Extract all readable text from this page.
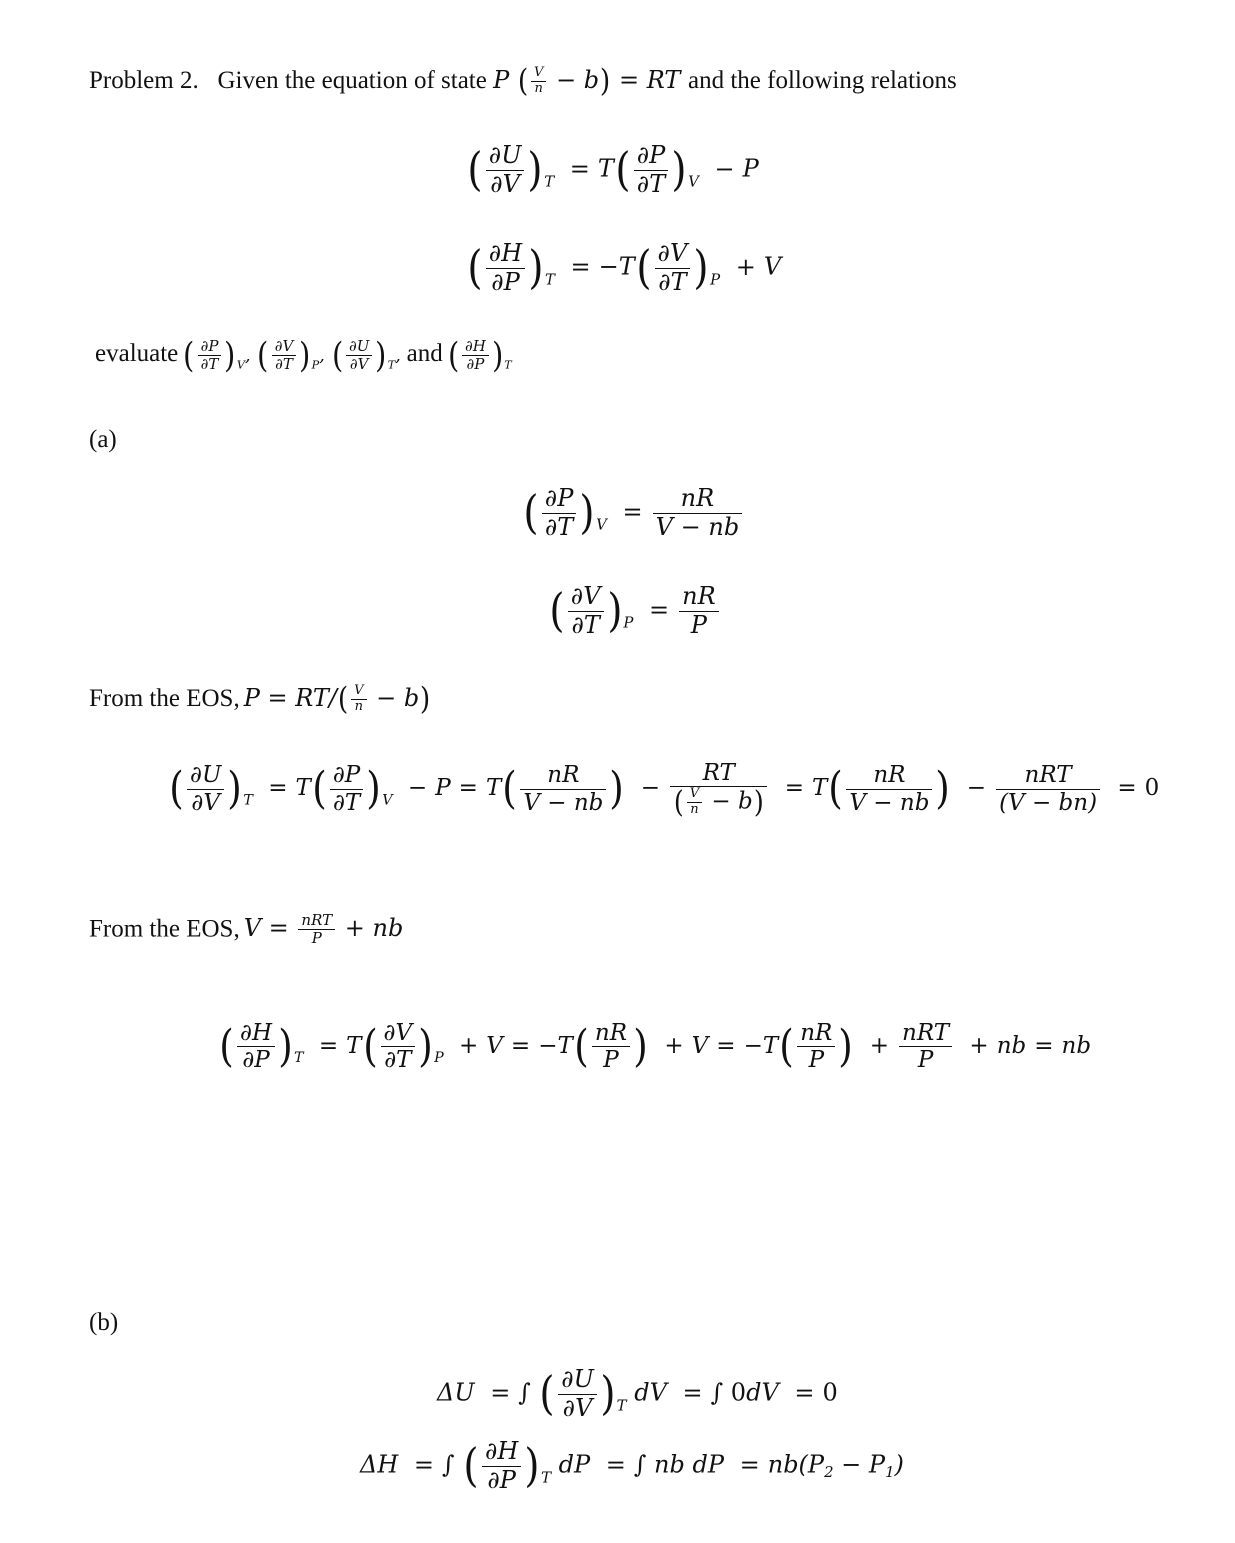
Problem 2. Given the equation of state P ( $\frac{V}{n} - b$) = RT and the following relations
( $\frac{\partial U}{\partial V} )_T = T( \frac{\partial P}{\partial T} )_V - P$
( $\frac{\partial H}{\partial P} )_T = -T( \frac{\partial V}{\partial T} )_P + V$
evaluate ( $\frac{\partial P}{\partial T} )_V$, ( $\frac{\partial V}{\partial T} )_P$, ( $\frac{\partial U}{\partial V} )_T$, and ( $\frac{\partial H}{\partial P} )_T$
(a)
( $\frac{\partial P}{\partial T} )_V = \frac{nR}{V - nb}$
( $\frac{\partial V}{\partial T} )_P = \frac{nR}{P}$
From the EOS, $P = RT/( \frac{V}{n} - b)$
( $\frac{\partial U}{\partial V} )_T = T( \frac{\partial P}{\partial T} )_V - P = T( \frac{nR}{V - nb}$ ) − $\frac{RT}{( \frac{V}{n} - b)} = T( \frac{nR}{V - nb}$ ) − $\frac{\text{nRT}}{(V - bn)} = 0$
From the EOS, $V = \frac{\text{nRT}}{P}$ + nb
( $\frac{\partial H}{\partial P} )_T = T( \frac{\partial V}{\partial T} )_P + V = -T( \frac{nR}{P}$ ) + $V = -T( \frac{nR}{P}$ ) + $\frac{\text{nRT}}{P}$ + nb = nb
(b)
ΔU = ∫ ( $\frac{\partial U}{\partial V} )_T$ dV = ∫ 0dV = 0
ΔH = ∫ ( $\frac{\partial H}{\partial P} )_T$ dP = ∫ nb dP = $nb(P_2 - P_1)$
